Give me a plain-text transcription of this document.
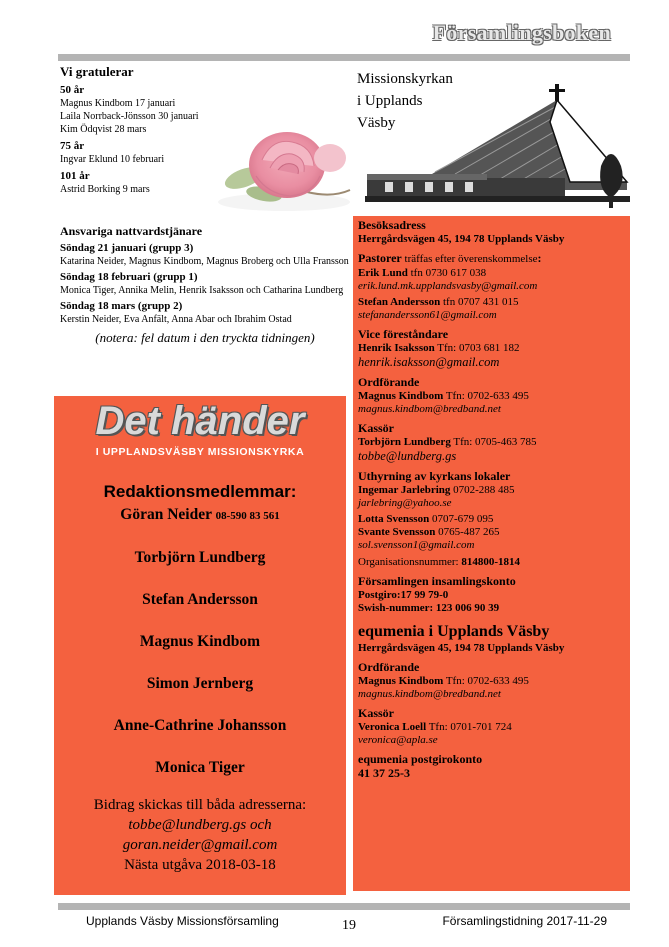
Församlingsboken
Vi gratulerar
50 år
Magnus Kindbom 17 januari
Laila Norrback-Jönsson 30 januari
Kim Ödqvist 28 mars
75 år
Ingvar Eklund 10 februari
101 år
Astrid Borking 9 mars
Ansvariga nattvardstjänare
Söndag 21 januari (grupp 3)
Katarina Neider, Magnus Kindbom, Magnus Broberg och Ulla Fransson
Söndag 18 februari (grupp 1)
Monica Tiger, Annika Melin, Henrik Isaksson och Catharina Lundberg
Söndag 18 mars (grupp 2)
Kerstin Neider, Eva Anfält, Anna Abar och Ibrahim Ostad
(notera: fel datum i den tryckta tidningen)
Det händer
I UPPLANDSVÄSBY MISSIONSKYRKA
Redaktionsmedlemmar:
Göran Neider 08-590 83 561
Torbjörn Lundberg
Stefan Andersson
Magnus Kindbom
Simon Jernberg
Anne-Cathrine Johansson
Monica Tiger
Bidrag skickas till båda adresserna:
tobbe@lundberg.gs och
goran.neider@gmail.com
Nästa utgåva 2018-03-18
Missionskyrkan
i Upplands
Väsby
Besöksadress
Herrgårdsvägen 45, 194 78 Upplands Väsby
Pastorer träffas efter överenskommelse:
Erik Lund tfn 0730 617 038
erik.lund.mk.upplandsvasby@gmail.com
Stefan Andersson tfn 0707 431 015
stefanandersson61@gmail.com
Vice föreståndare
Henrik Isaksson Tfn: 0703 681 182
henrik.isaksson@gmail.com
Ordförande
Magnus Kindbom Tfn: 0702-633 495
magnus.kindbom@bredband.net
Kassör
Torbjörn Lundberg Tfn: 0705-463 785
tobbe@lundberg.gs
Uthyrning av kyrkans lokaler
Ingemar Jarlebring 0702-288 485
jarlebring@yahoo.se
Lotta Svensson 0707-679 095
Svante Svensson 0765-487 265
sol.svensson1@gmail.com
Organisationsnummer: 814800-1814
Församlingen insamlingskonto
Postgiro:17 99 79-0
Swish-nummer: 123 006 90 39
equmenia i Upplands Väsby
Herrgårdsvägen 45, 194 78 Upplands Väsby
Ordförande
Magnus Kindbom Tfn: 0702-633 495
magnus.kindbom@bredband.net
Kassör
Veronica Loell Tfn: 0701-701 724
veronica@apla.se
equmenia postgirokonto
41 37 25-3
Upplands Väsby Missionsförsamling	19	Församlingstidning 2017-11-29
